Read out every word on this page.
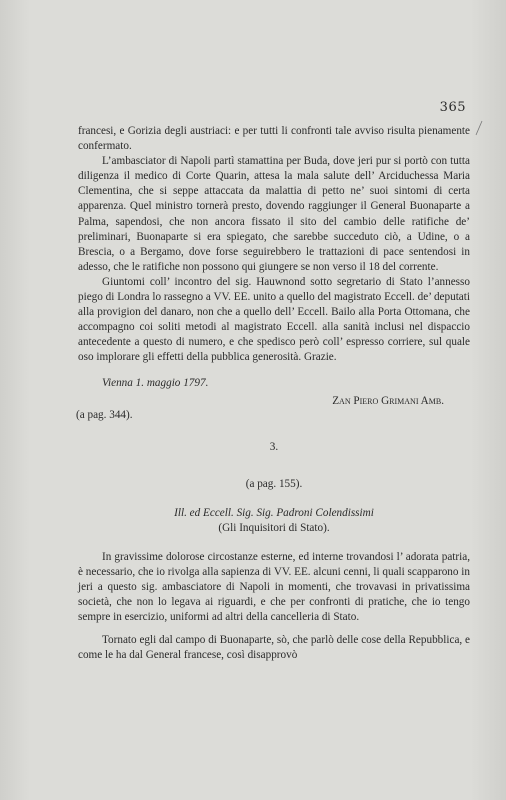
365

francesi, e Gorizia degli austriaci: e per tutti li confronti tale avviso risulta pienamente confermato.

L’ambasciator di Napoli partì stamattina per Buda, dove jeri pur si portò con tutta diligenza il medico di Corte Quarin, attesa la mala salute dell’ Arciduchessa Maria Clementina, che si seppe attaccata da malattia di petto ne’ suoi sintomi di certa apparenza. Quel ministro tornerà presto, dovendo raggiunger il General Buonaparte a Palma, sapendosi, che non ancora fissato il sito del cambio delle ratifiche de’ preliminari, Buonaparte si era spiegato, che sarebbe succeduto ciò, a Udine, o a Brescia, o a Bergamo, dove forse seguirebbero le trattazioni di pace sentendosi in adesso, che le ratifiche non possono qui giungere se non verso il 18 del corrente.

Giuntomi coll’ incontro del sig. Hauwnond sotto segretario di Stato l’annesso piego di Londra lo rassegno a VV. EE. unito a quello del magistrato Eccell. de’ deputati alla provigion del danaro, non che a quello dell’ Eccell. Bailo alla Porta Ottomana, che accompagno coi soliti metodi al magistrato Eccell. alla sanità inclusi nel dispaccio antecedente a questo di numero, e che spedisco però coll’ espresso corriere, sul quale oso implorare gli effetti della pubblica generosità. Grazie.

Vienna 1. maggio 1797.
Zan Piero Grimani Amb.
(a pag. 344).
3.
(a pag. 155).
Ill. ed Eccell. Sig. Sig. Padroni Colendissimi
(Gli Inquisitori di Stato).

In gravissime dolorose circostanze esterne, ed interne trovandosi l’ adorata patria, è necessario, che io rivolga alla sapienza di VV. EE. alcuni cenni, li quali scapparono in jeri a questo sig. ambasciatore di Napoli in momenti, che trovavasi in privatissima società, che non lo legava ai riguardi, e che per confronti di pratiche, che io tengo sempre in esercizio, uniformi ad altri della cancelleria di Stato.

Tornato egli dal campo di Buonaparte, sò, che parlò delle cose della Repubblica, e come le ha dal General francese, così disapprovò
